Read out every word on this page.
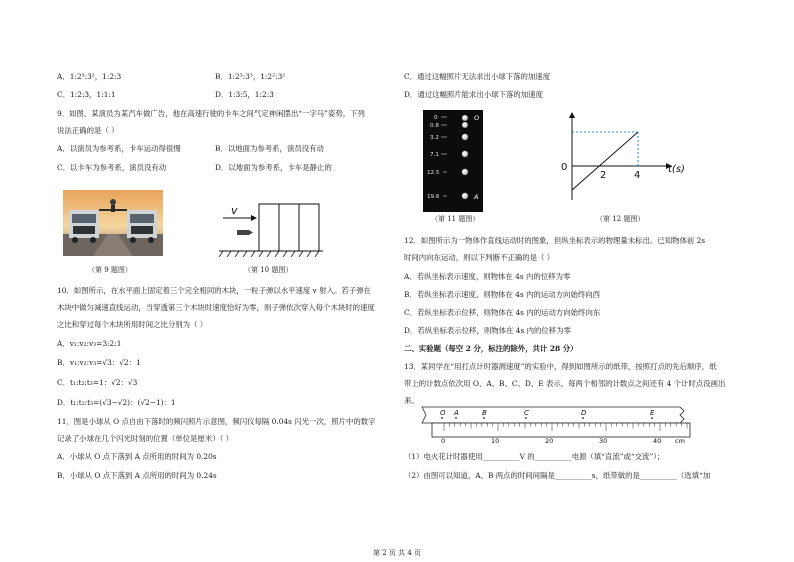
A．1:2³:3²，1:2:3	B．1:2³:3³，1:2²:3²
C．1:2:3，1:1:1	D．1:3:5，1:2:3
9．如图，某演员为某汽车做广告，他在高速行驶的卡车之间气定神闲摆出“一字马”姿势，下列
说法正确的是（ ）
A．以演员为参考系，卡车运动得很慢	B．以地面为参考系，演员没有动
C．以卡车为参考系，演员没有动	D．以地面为参考系，卡车是静止的
（第 9 题图）
v
（第 10 题图）
10．如图所示，在水平面上固定着三个完全相同的木块，一粒子弹以水平速度 v 射入。若子弹在
木块中做匀减速直线运动，当穿透第三个木块时速度恰好为零，则子弹依次穿入每个木块时的速度
之比和穿过每个木块所用时间之比分别为（ ）
A．v₁:v₂:v₃=3:2:1
B．v₁:v₂:v₃=√3：√2：1
C．t₁:t₂:t₃=1：√2：√3
D．t₁:t₂:t₃=(√3−√2)：(√2−1)：1
11．图是小球从 O 点自由下落时的频闪照片示意图，频闪仪每隔 0.04s 闪光一次，照片中的数字
记录了小球在几个闪光时刻的位置（单位是厘米）（ ）
A．小球从 O 点下落到 A 点所用的时间为 0.20s
B．小球从 O 点下落到 A 点所用的时间为 0.24s
C．通过这幅照片无法求出小球下落的加速度
D．通过这幅照片能求出小球下落的加速度
0
0.8
3.2
7.1
12.5
19.6
O
A
（第 11 题图）
0
2	4
t(s)
（第 12 题图）
12．如图所示为一物体作直线运动时的图象，但纵坐标表示的物理量未标出。已知物体前 2s
时间内向东运动，则以下判断不正确的是（ ）
A．若纵坐标表示速度，则物体在 4s 内的位移为零
B．若纵坐标表示速度，则物体在 4s 内的运动方向始终向西
C．若纵坐标表示位移，则物体在 4s 内的运动方向始终向东
D．若纵坐标表示位移，则物体在 4s 内的位移为零
二、实验题（每空 2 分，标注的除外，共计 28 分）
13．某同学在“用打点计时器测速度”的实验中，得到如图所示的纸带，按照打点的先后顺序，纸
带上的计数点依次用 O、A、B、C、D、E 表示，每两个相邻的计数点之间还有 4 个计时点没画出
来。
O A	B	C	D	E
0	10	20	30	40 cm
（1）电火花计时器使用__________V 的__________电源（填“直流”或“交流”）；
（2）由图可以知道，A、B 两点的时间间隔是__________s，纸带做的是__________（选填“加
第 2 页 共 4 页
